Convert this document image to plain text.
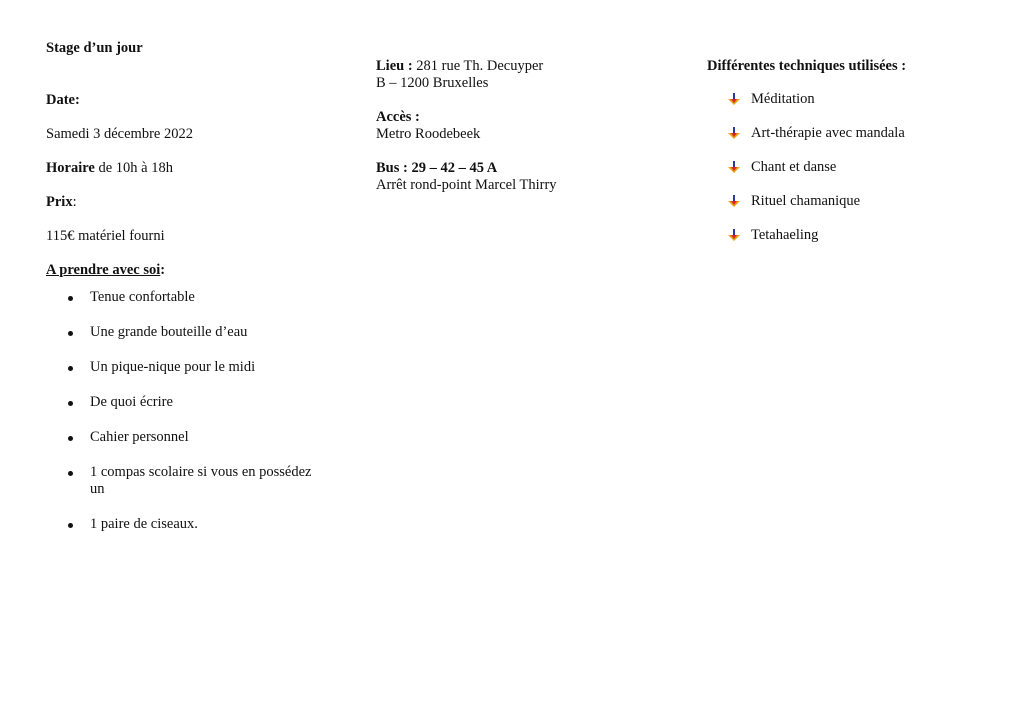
Stage d’un jour
Date:
Samedi 3 décembre 2022
Horaire de 10h à 18h
Prix:
115€ matériel fourni
A prendre avec soi:
Tenue confortable
Une grande bouteille d’eau
Un pique-nique pour le midi
De quoi écrire
Cahier personnel
1 compas scolaire si vous en possédez un
1 paire de ciseaux.
Lieu : 281 rue Th. Decuyper
B – 1200 Bruxelles
Accès :
Metro Roodebeek
Bus : 29 – 42 – 45 A
Arrêt rond-point Marcel Thirry
Différentes techniques utilisées :
Méditation
Art-thérapie avec mandala
Chant et danse
Rituel chamanique
Tetahaeling
